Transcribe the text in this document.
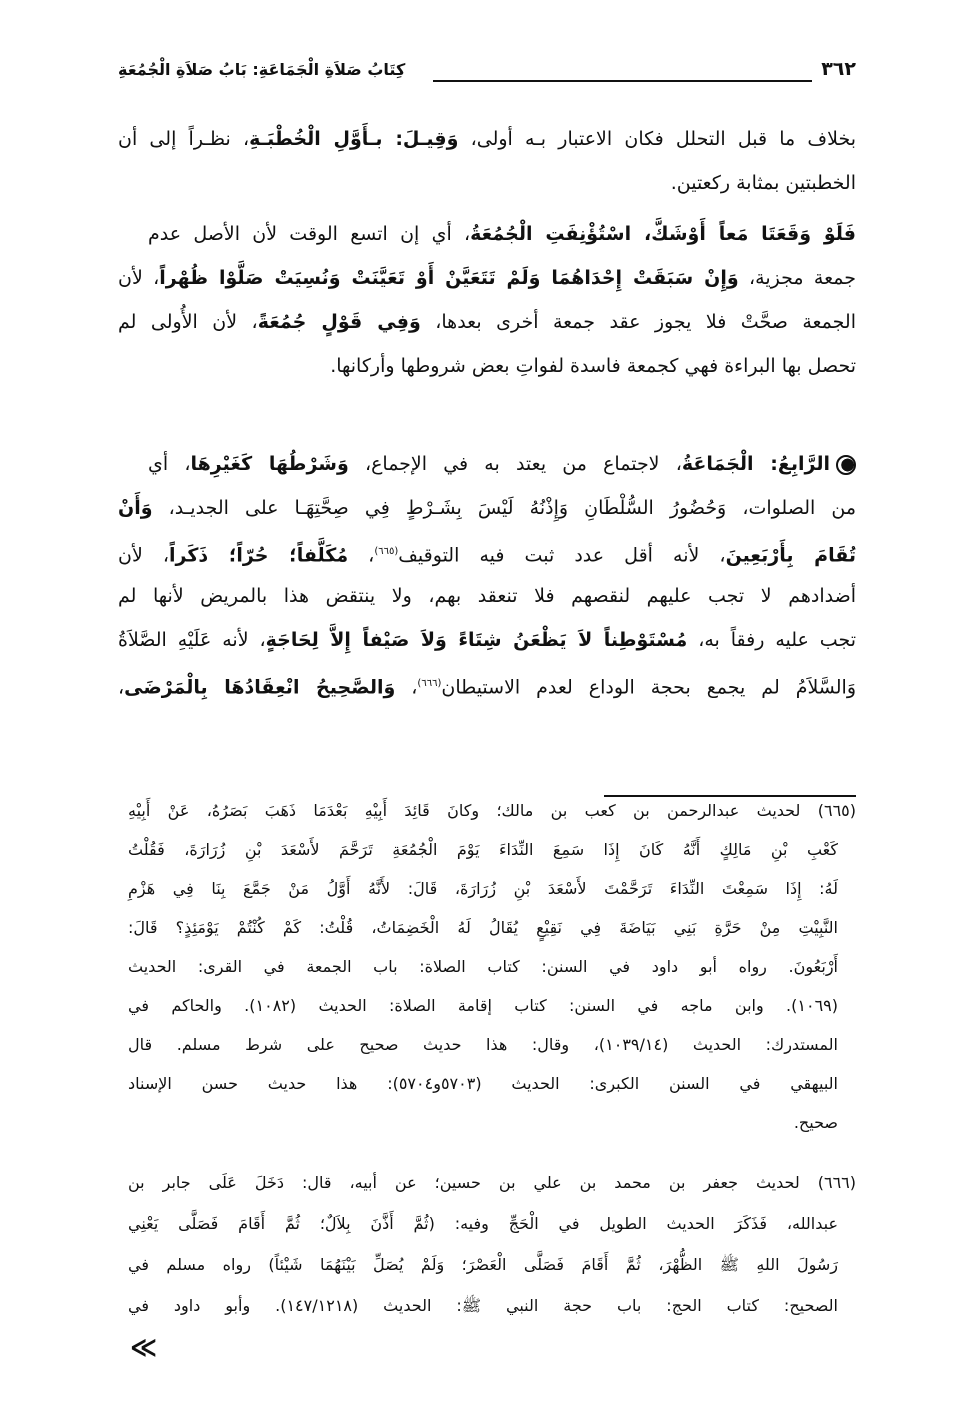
٣٦٢
كِتَابُ صَلاَةِ الْجَمَاعَةِ: بَابُ صَلاَةِ الْجُمُعَةِ
بخلاف ما قبل التحلل فكان الاعتبار بـه أولى، وَقِيـلَ: بـأَوَّلِ الْخُطْبَـةِ، نظـراً إلى أن
الخطبتين بمثابة ركعتين.
فَلَوْ وَقَعَتَا مَعاً أَوْشَكَّ، اسْتُؤْنِفَتِ الْجُمُعَةُ، أي إن اتسع الوقت لأن الأصل عدم
جمعة مجزية، وَإِنْ سَبَقَتْ إِحْدَاهُمَا وَلَمْ تَتَعَيَّنْ أَوْ تَعَيَّنَتْ وَنُسِيَتْ صَلَّوْا ظُهْراً، لأن
الجمعة صحَّتْ فلا يجوز عقد جمعة أخرى بعدها، وَفِي قَوْلٍ جُمُعَةً، لأن الأُولى لم
تحصل بها البراءة فهي كجمعة فاسدة لفواتِ بعض شروطها وأركانها.
الرَّابِعُ: الْجَمَاعَةُ، لاجتماع من يعتد به في الإجماع، وَشَرْطُهَا كَغَيْرِهَا، أي
من الصلوات، وَحُضُورُ السُّلْطَانِ وَإِذْنُهُ لَيْسَ بِشَـرْطٍ فِي صِحَّتِهَـا على الجديـد، وَأَنْ
تُقَامَ بِأَرْبَعِينَ، لأنه أقل عدد ثبت فيه التوقيف$^{(٦٦٥)}$، مُكَلَّفاً؛ حُرّاً؛ ذَكَراً، لأن
أضدادهم لا تجب عليهم لنقصهم فلا تنعقد بهم، ولا ينتقض هذا بالمريض لأنها لم
تجب عليه رفقاً به، مُسْتَوْطِناً لاَ يَظْعَنُ شِتَاءً وَلاَ صَيْفاً إِلاَّ لِحَاجَةٍ، لأنه عَلَيْهِ الصَّلاَةُ
وَالسَّلاَمُ لم يجمع بحجة الوداع لعدم الاستيطان$^{(٦٦٦)}$، وَالصَّحِيحُ انْعِقَادُهَا بِالْمَرْضَى،
(٦٦٥) لحديث عبدالرحمن بن كعب بن مالك؛ وكانَ قَائِدَ أَبِيْهِ بَعْدَمَا ذَهَبَ بَصَرُهُ، عَنْ أَبِيْهِ
كَعْبِ بْنِ مَالِكٍ أَنَّهُ كَانَ إِذَا سَمِعَ النِّدَاءَ يَوْمَ الْجُمُعَةِ تَرَحَّمَ لأَسْعَدَ بْنِ زُرَارَةَ، فَقُلْتُ
لَهُ: إِذَا سَمِعْتَ النِّدَاءَ تَرَحَّمْتَ لأَسْعَدَ بْنِ زُرَارَةَ، قَالَ: لأَنَّهُ أَوَّلُ مَنْ جَمَّعَ بِنَا فِي هَزْمِ
النَّبِيْتِ مِنْ حَرَّةِ بَنِي بَيَاضَةَ فِي نَقِيْعٍ يُقَالُ لَهُ الْخَضِمَاتُ، قُلْتُ: كَمْ كُنْتُمْ يَوْمَئِذٍ؟ قَالَ:
أَرْبَعُونَ. رواه أبو داود في السنن: كتاب الصلاة: باب الجمعة في القرى: الحديث
(١٠٦٩). وابن ماجه في السنن: كتاب إقامة الصلاة: الحديث (١٠٨٢). والحاكم في
المستدرك: الحديث (١٠٣٩/١٤)، وقال: هذا حديث صحيح على شرط مسلم. قال
البيهقي في السنن الكبرى: الحديث (٥٧٠٣و٥٧٠٤): هذا حديث حسن الإسناد
صحيح.
(٦٦٦) لحديث جعفر بن محمد بن علي بن حسين؛ عن أبيه، قال: دَخَلَ عَلَى جابر بن
عبدالله، فَذَكَرَ الحديث الطويل في الْحَجِّ وفيه: (ثُمَّ أَذَّنَ بِلاَلٌ؛ ثُمَّ أَقَامَ فَصَلَّى يَعْنِي
رَسُولَ اللهِ ﷺ الظُّهْرَ، ثُمَّ أَقَامَ فَصَلَّى الْعَصْرَ؛ وَلَمْ يُصَلِّ بَيْنَهُمَا شَيْئاً) رواه مسلم في
الصحيح: كتاب الحج: باب حجة النبي ﷺ: الحديث (١٤٧/١٢١٨). وأبو داود في
≪
